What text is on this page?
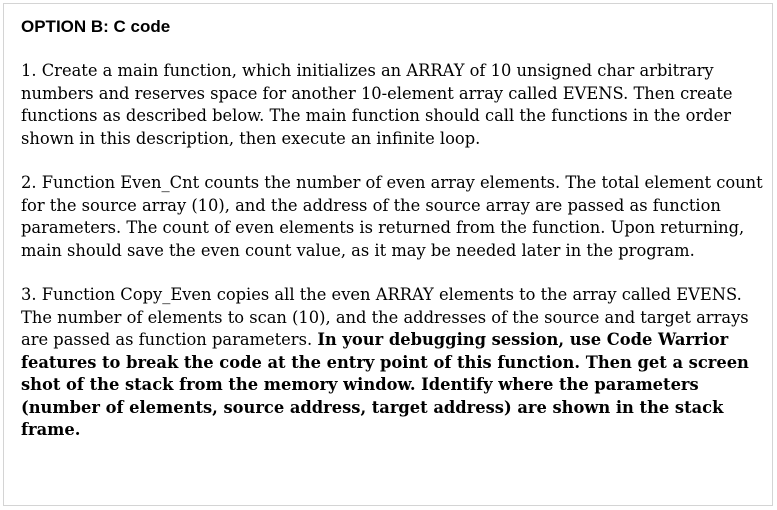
OPTION B: C code

1. Create a main function, which initializes an ARRAY of 10 unsigned char arbitrary numbers and reserves space for another 10-element array called EVENS. Then create functions as described below. The main function should call the functions in the order shown in this description, then execute an infinite loop.

2. Function Even_Cnt counts the number of even array elements. The total element count for the source array (10), and the address of the source array are passed as function parameters. The count of even elements is returned from the function. Upon returning, main should save the even count value, as it may be needed later in the program.

3. Function Copy_Even copies all the even ARRAY elements to the array called EVENS. The number of elements to scan (10), and the addresses of the source and target arrays are passed as function parameters. In your debugging session, use Code Warrior features to break the code at the entry point of this function. Then get a screen shot of the stack from the memory window. Identify where the parameters (number of elements, source address, target address) are shown in the stack frame.
